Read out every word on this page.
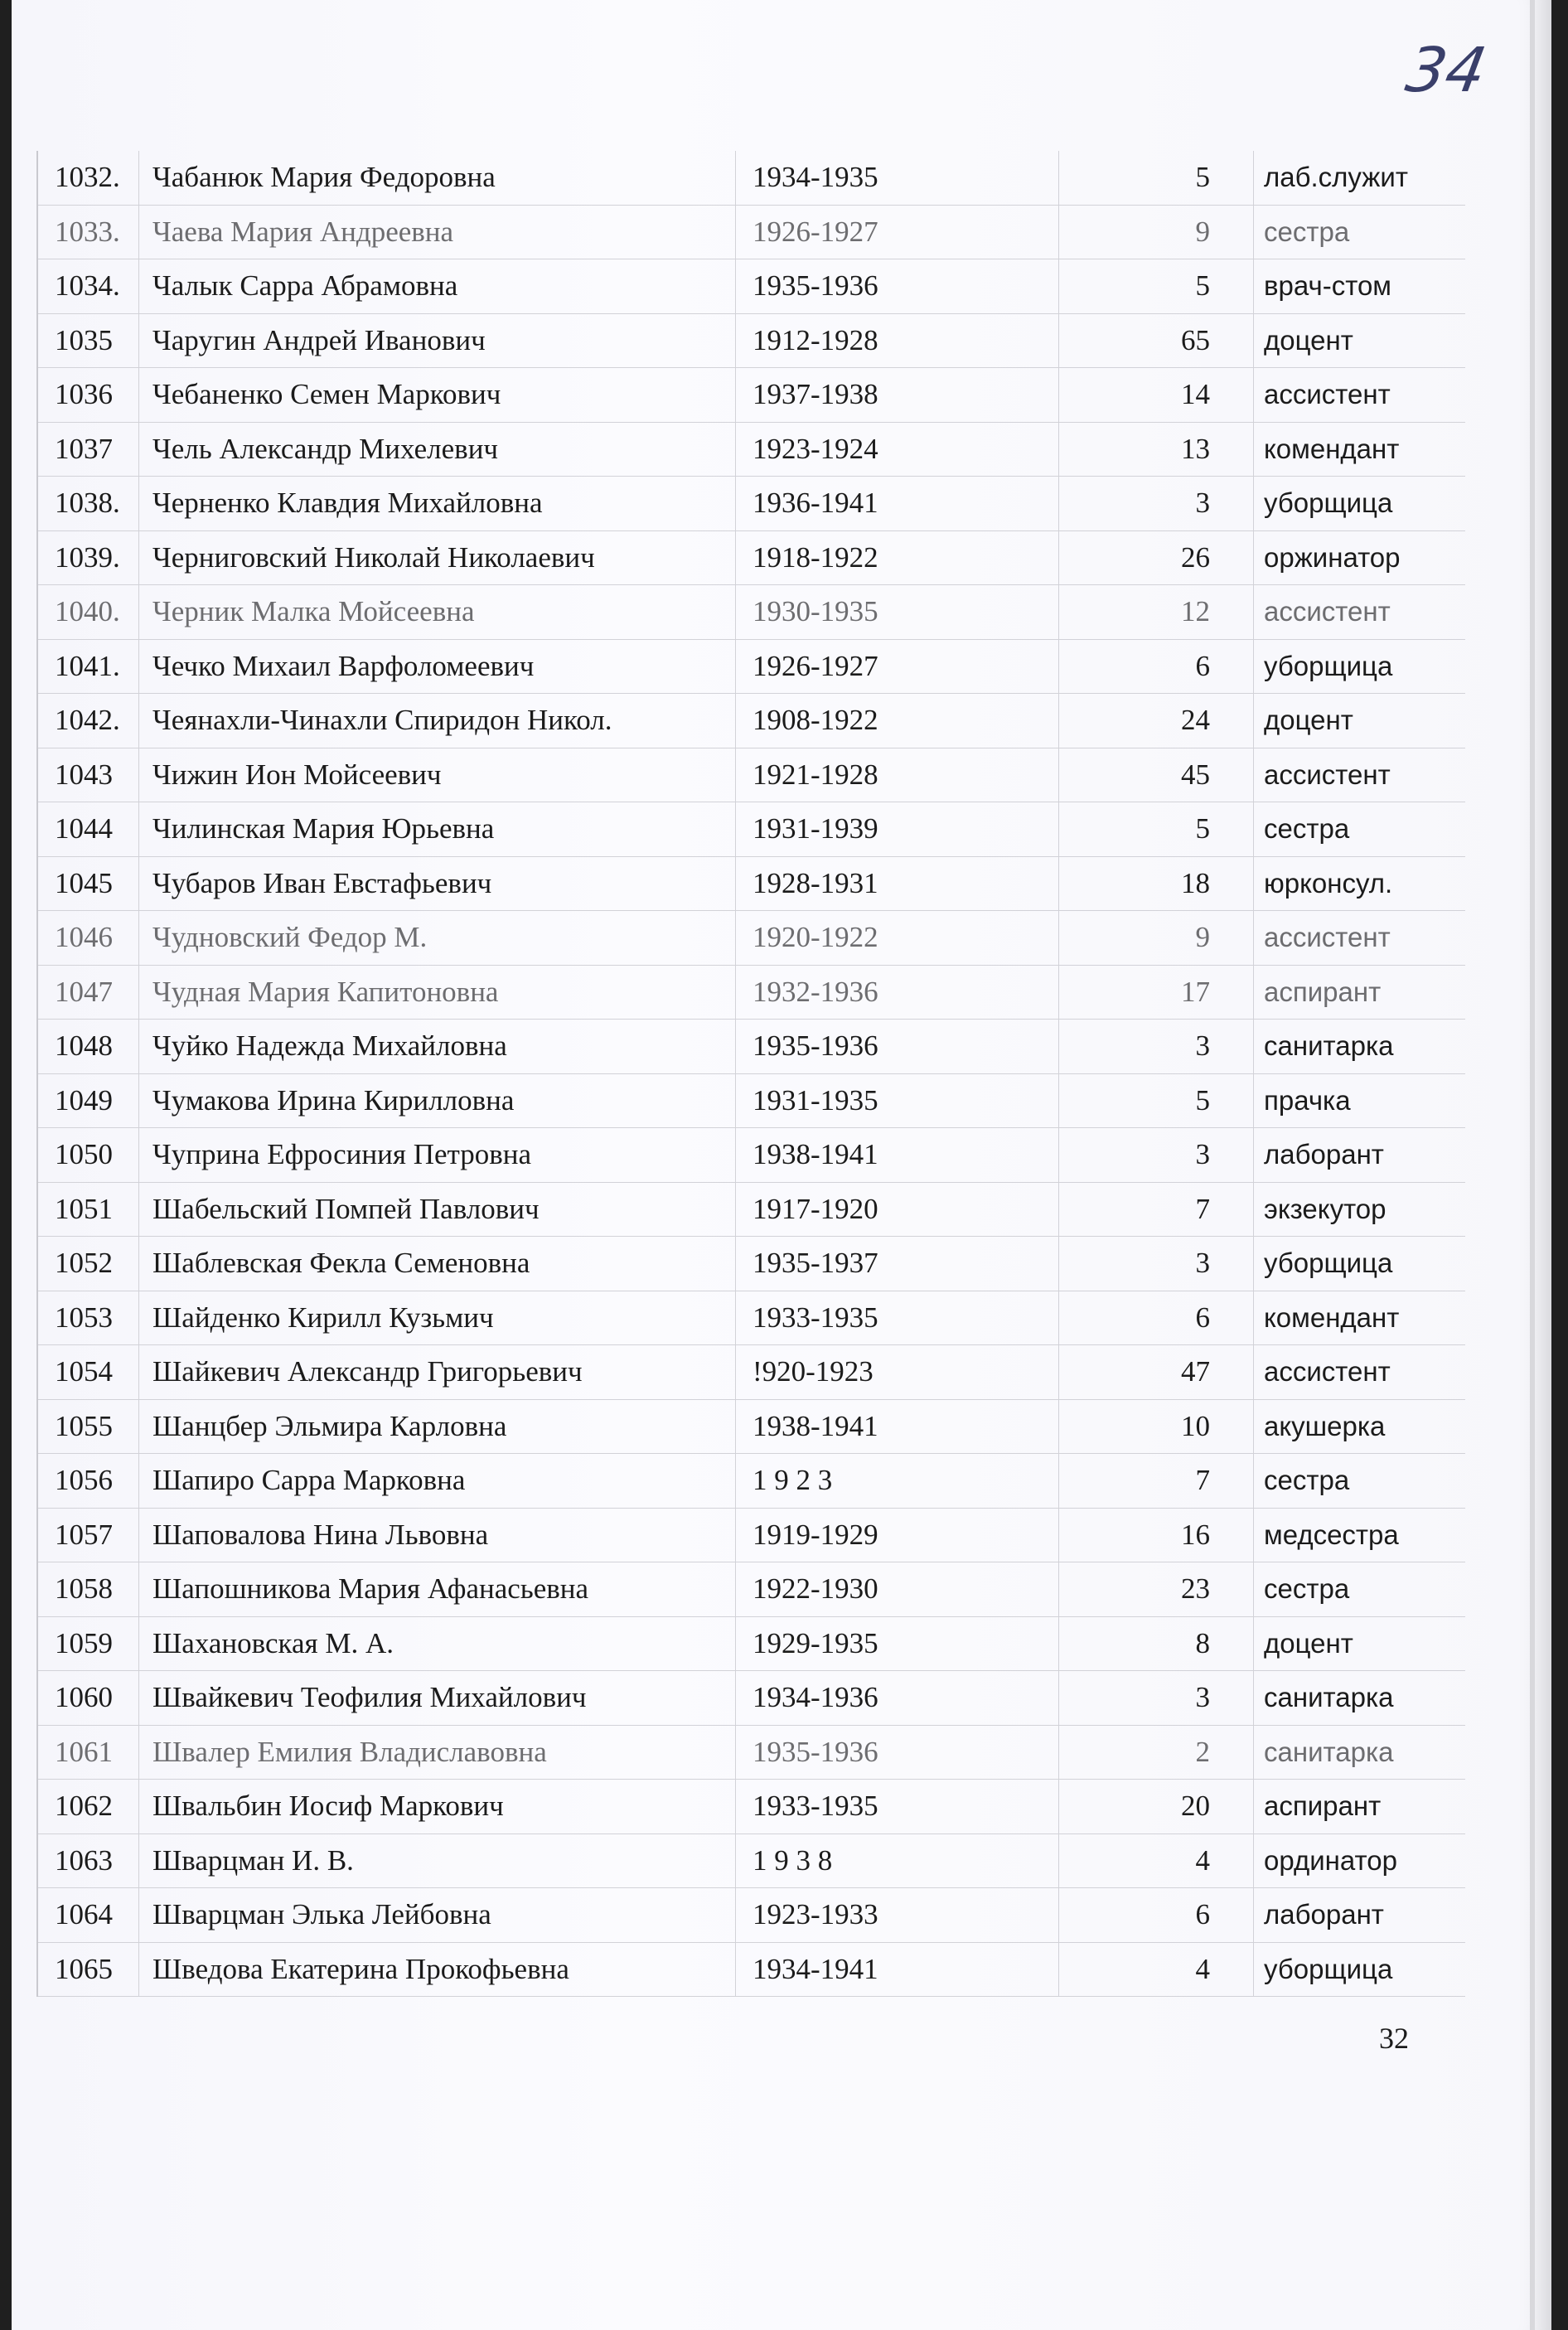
34
1032.	Чабанюк Мария Федоровна	1934-1935	5	лаб.служит
1033.	Чаева Мария Андреевна	1926-1927	9	сестра
1034.	Чалык Сарра Абрамовна	1935-1936	5	врач-стом
1035	Чаругин Андрей Иванович	1912-1928	65	доцент
1036	Чебаненко Семен Маркович	1937-1938	14	ассистент
1037	Чель Александр Михелевич	1923-1924	13	комендант
1038.	Черненко Клавдия Михайловна	1936-1941	3	уборщица
1039.	Черниговский Николай Николаевич	1918-1922	26	оржинатор
1040.	Черник Малка Мойсеевна	1930-1935	12	ассистент
1041.	Чечко Михаил Варфоломеевич	1926-1927	6	уборщица
1042.	Чеянахли-Чинахли Спиридон Никол.	1908-1922	24	доцент
1043	Чижин Ион Мойсеевич	1921-1928	45	ассистент
1044	Чилинская Мария Юрьевна	1931-1939	5	сестра
1045	Чубаров Иван Евстафьевич	1928-1931	18	юрконсул.
1046	Чудновский Федор М.	1920-1922	9	ассистент
1047	Чудная Мария Капитоновна	1932-1936	17	аспирант
1048	Чуйко Надежда Михайловна	1935-1936	3	санитарка
1049	Чумакова Ирина Кирилловна	1931-1935	5	прачка
1050	Чуприна Ефросиния Петровна	1938-1941	3	лаборант
1051	Шабельский Помпей Павлович	1917-1920	7	экзекутор
1052	Шаблевская Фекла Семеновна	1935-1937	3	уборщица
1053	Шайденко Кирилл Кузьмич	1933-1935	6	комендант
1054	Шайкевич Александр Григорьевич	!920-1923	47	ассистент
1055	Шанцбер Эльмира Карловна	1938-1941	10	акушерка
1056	Шапиро Сарра Марковна	1 9 2 3	7	сестра
1057	Шаповалова Нина Львовна	1919-1929	16	медсестра
1058	Шапошникова Мария Афанасьевна	1922-1930	23	сестра
1059	Шахановская М. А.	1929-1935	8	доцент
1060	Швайкевич Теофилия Михайлович	1934-1936	3	санитарка
1061	Швалер Емилия Владиславовна	1935-1936	2	санитарка
1062	Швальбин Иосиф Маркович	1933-1935	20	аспирант
1063	Шварцман И. В.	1 9 3 8	4	ординатор
1064	Шварцман Элька Лейбовна	1923-1933	6	лаборант
1065	Шведова Екатерина Прокофьевна	1934-1941	4	уборщица
32
